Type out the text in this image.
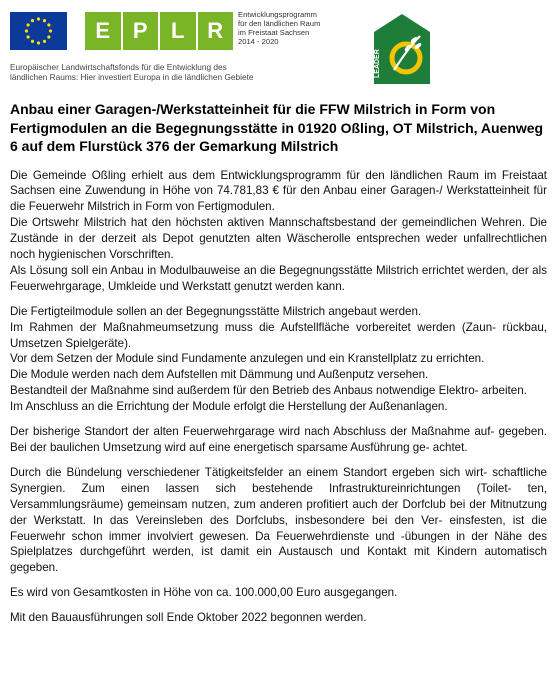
E	P	L	R
Entwicklungsprogramm
für den ländlichen Raum
im Freistaat Sachsen
2014 - 2020
Europäischer Landwirtschaftsfonds für die Entwicklung des
ländlichen Raums: Hier investiert Europa in die ländlichen Gebiete	LEADER
Anbau einer Garagen-/Werkstatteinheit für die FFW Milstrich in Form von Fertigmodulen an die Begegnungsstätte in 01920 Oßling, OT Milstrich, Auenweg 6 auf dem Flurstück 376 der Gemarkung Milstrich

Die Gemeinde Oßling erhielt aus dem Entwicklungsprogramm für den ländlichen Raum im Freistaat Sachsen eine Zuwendung in Höhe von 74.781,83 € für den Anbau einer Garagen-/ Werkstatteinheit für die Feuerwehr Milstrich in Form von Fertigmodulen.
Die Ortswehr Milstrich hat den höchsten aktiven Mannschaftsbestand der gemeindlichen Wehren. Die Zustände in der derzeit als Depot genutzten alten Wäscherolle entsprechen weder unfallrechtlichen noch hygienischen Vorschriften.
Als Lösung soll ein Anbau in Modulbauweise an die Begegnungsstätte Milstrich errichtet werden, der als Feuerwehrgarage, Umkleide und Werkstatt genutzt werden kann.

Die Fertigteilmodule sollen an der Begegnungsstätte Milstrich angebaut werden.
Im Rahmen der Maßnahmeumsetzung muss die Aufstellfläche vorbereitet werden (Zaun- rückbau, Umsetzen Spielgeräte).
Vor dem Setzen der Module sind Fundamente anzulegen und ein Kranstellplatz zu errichten.
Die Module werden nach dem Aufstellen mit Dämmung und Außenputz versehen.
Bestandteil der Maßnahme sind außerdem für den Betrieb des Anbaus notwendige Elektro- arbeiten.
Im Anschluss an die Errichtung der Module erfolgt die Herstellung der Außenanlagen.

Der bisherige Standort der alten Feuerwehrgarage wird nach Abschluss der Maßnahme auf- gegeben. Bei der baulichen Umsetzung wird auf eine energetisch sparsame Ausführung ge- achtet.

Durch die Bündelung verschiedener Tätigkeitsfelder an einem Standort ergeben sich wirt- schaftliche Synergien. Zum einen lassen sich bestehende Infrastruktureinrichtungen (Toilet- ten, Versammlungsräume) gemeinsam nutzen, zum anderen profitiert auch der Dorfclub bei der Mitnutzung der Werkstatt. In das Vereinsleben des Dorfclubs, insbesondere bei den Ver- einsfesten, ist die Feuerwehr schon immer involviert gewesen. Da Feuerwehrdienste und -übungen in der Nähe des Spielplatzes durchgeführt werden, ist damit ein Austausch und Kontakt mit Kindern automatisch gegeben.

Es wird von Gesamtkosten in Höhe von ca. 100.000,00 Euro ausgegangen.

Mit den Bauausführungen soll Ende Oktober 2022 begonnen werden.
